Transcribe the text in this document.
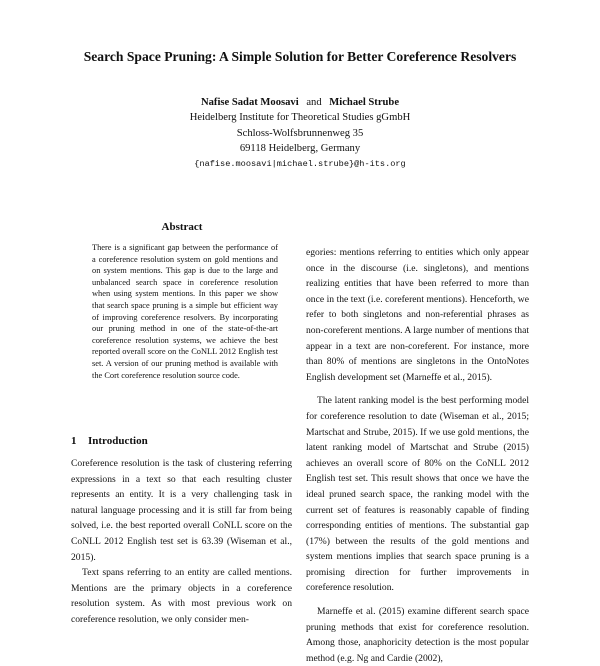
Search Space Pruning: A Simple Solution for Better Coreference Resolvers
Nafise Sadat Moosavi and Michael Strube
Heidelberg Institute for Theoretical Studies gGmbH
Schloss-Wolfsbrunnenweg 35
69118 Heidelberg, Germany
{nafise.moosavi|michael.strube}@h-its.org
Abstract

There is a significant gap between the performance of a coreference resolution system on gold mentions and on system mentions. This gap is due to the large and unbalanced search space in coreference resolution when using system mentions. In this paper we show that search space pruning is a simple but efficient way of improving coreference resolvers. By incorporating our pruning method in one of the state-of-the-art coreference resolution systems, we achieve the best reported overall score on the CoNLL 2012 English test set. A version of our pruning method is available with the Cort coreference resolution source code.

1 Introduction

Coreference resolution is the task of clustering referring expressions in a text so that each resulting cluster represents an entity. It is a very challenging task in natural language processing and it is still far from being solved, i.e. the best reported overall CoNLL score on the CoNLL 2012 English test set is 63.39 (Wiseman et al., 2015).

Text spans referring to an entity are called mentions. Mentions are the primary objects in a coreference resolution system. As with most previous work on coreference resolution, we only consider men-

egories: mentions referring to entities which only appear once in the discourse (i.e. singletons), and mentions realizing entities that have been referred to more than once in the text (i.e. coreferent mentions). Henceforth, we refer to both singletons and non-referential phrases as non-coreferent mentions. A large number of mentions that appear in a text are non-coreferent. For instance, more than 80% of mentions are singletons in the OntoNotes English development set (Marneffe et al., 2015).

The latent ranking model is the best performing model for coreference resolution to date (Wiseman et al., 2015; Martschat and Strube, 2015). If we use gold mentions, the latent ranking model of Martschat and Strube (2015) achieves an overall score of 80% on the CoNLL 2012 English test set. This result shows that once we have the ideal pruned search space, the ranking model with the current set of features is reasonably capable of finding corresponding entities of mentions. The substantial gap (17%) between the results of the gold mentions and system mentions implies that search space pruning is a promising direction for further improvements in coreference resolution.

Marneffe et al. (2015) examine different search space pruning methods that exist for coreference resolution. Among those, anaphoricity detection is the most popular method (e.g. Ng and Cardie (2002),
